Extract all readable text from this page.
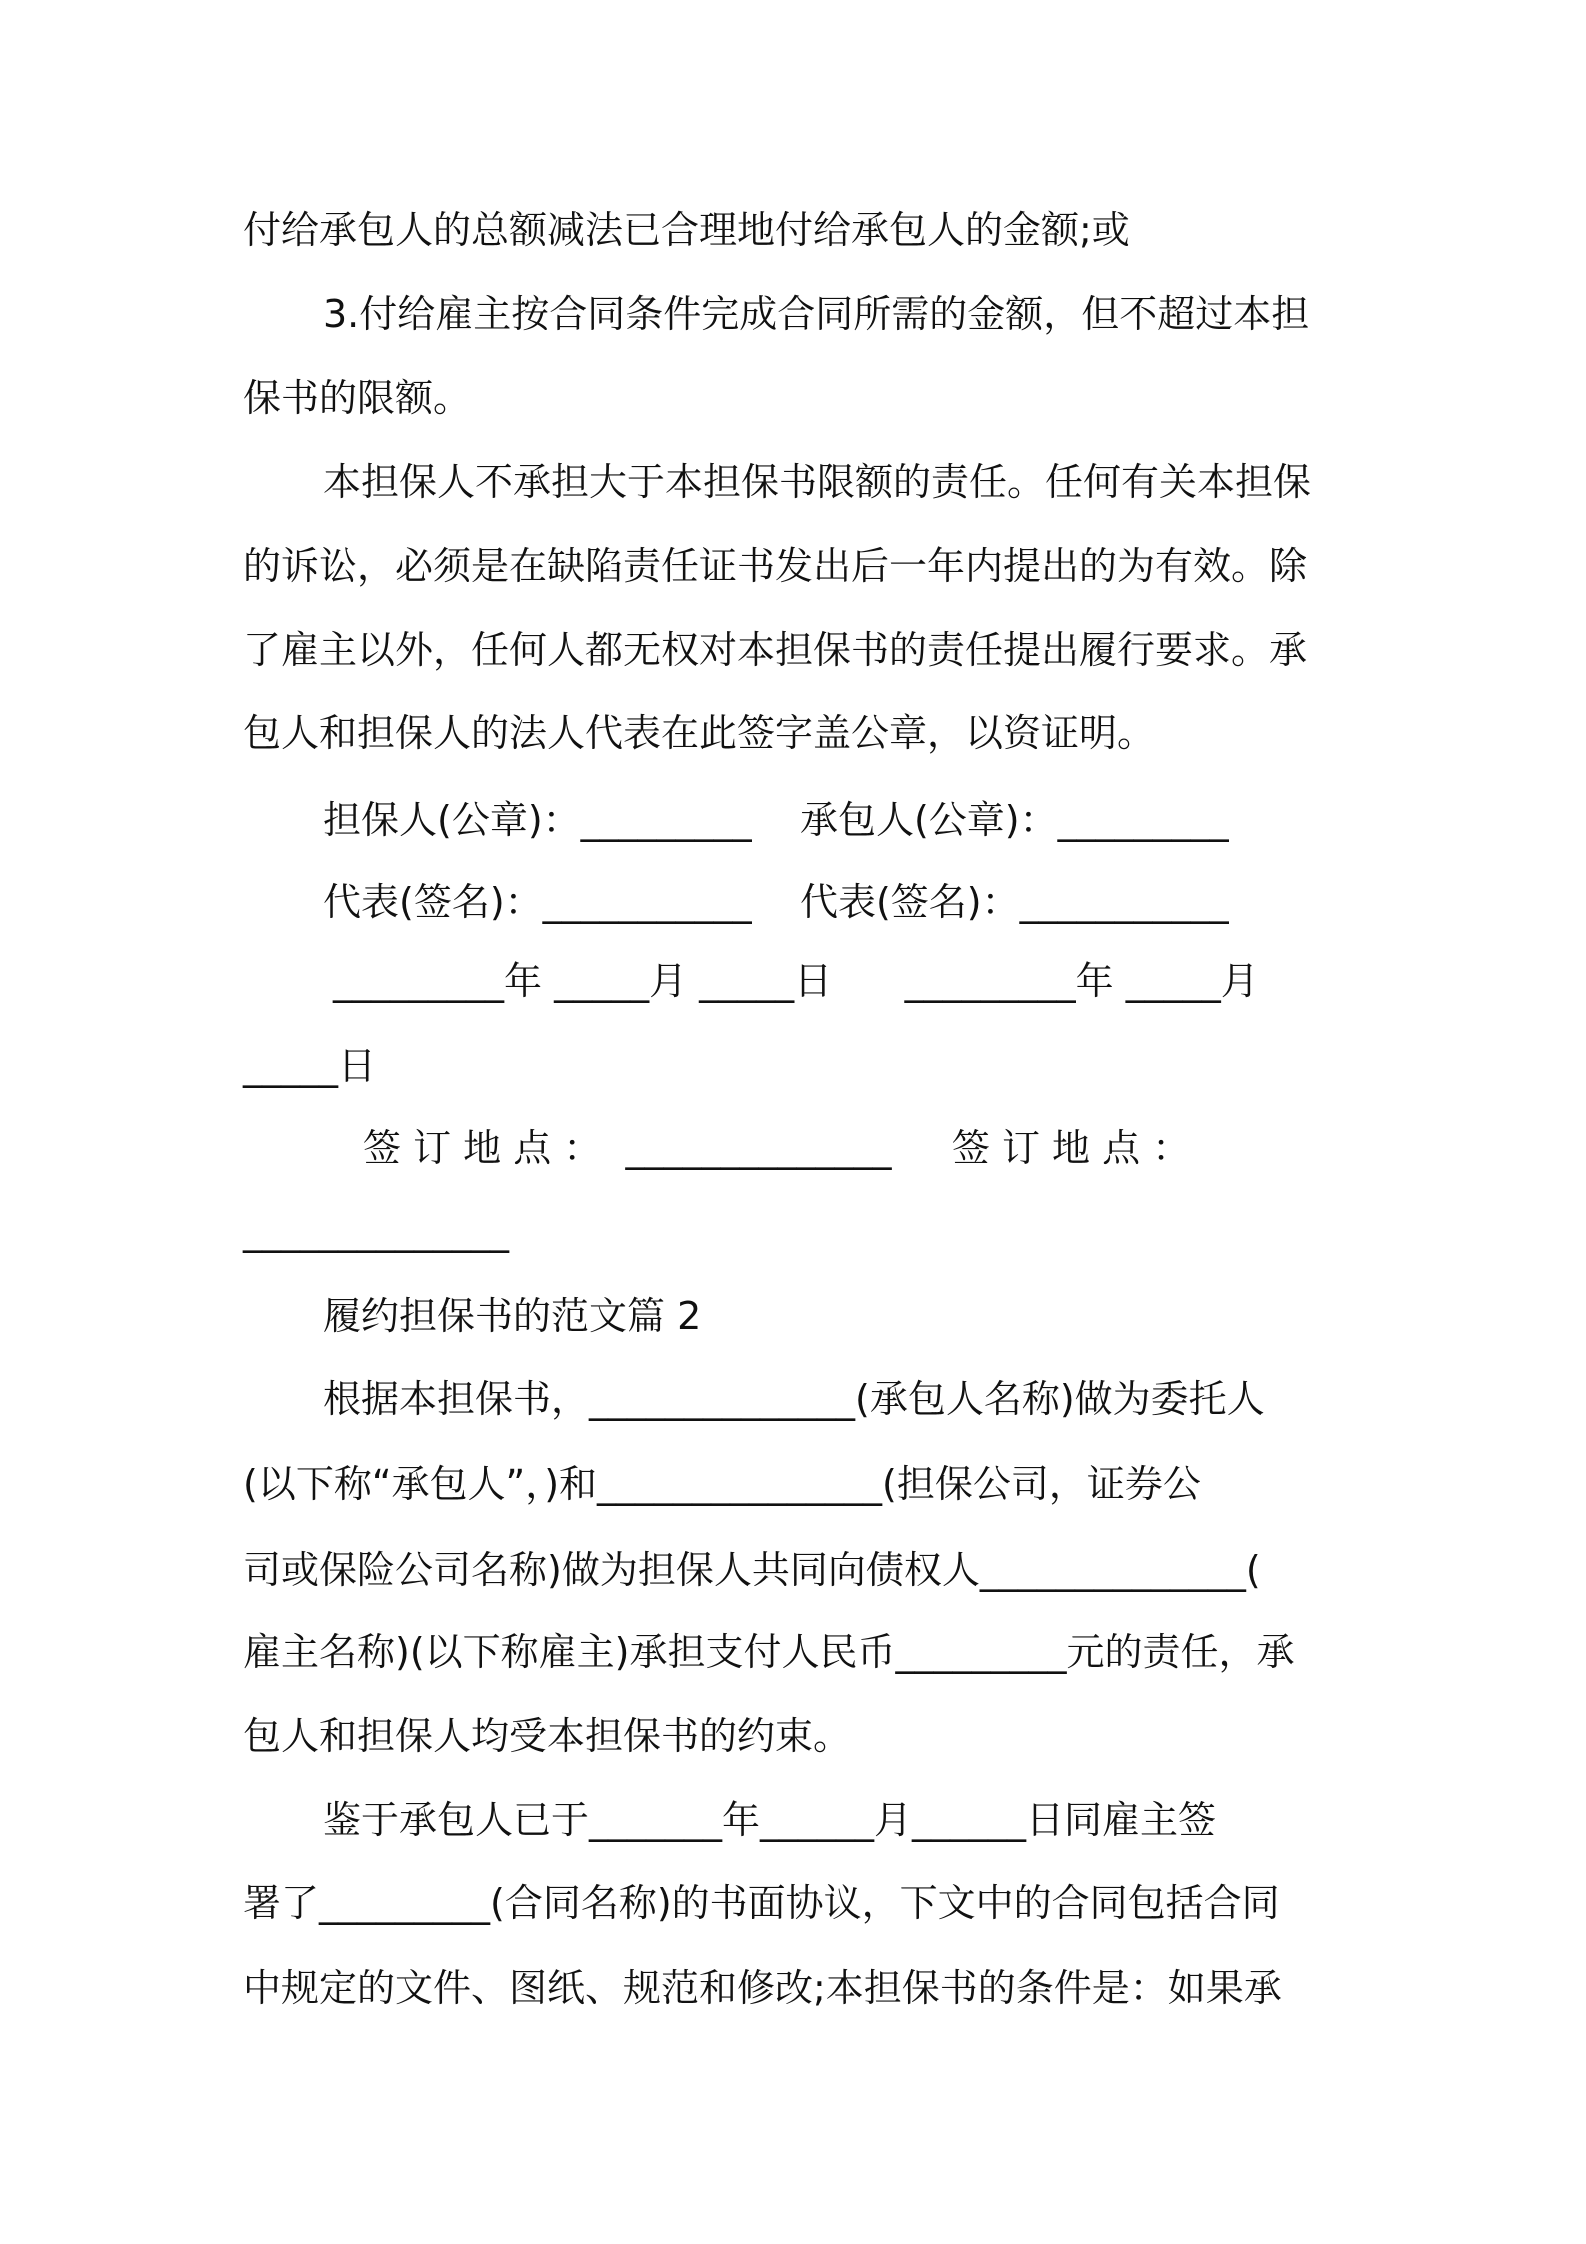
付给承包人的总额减法已合理地付给承包人的金额;或
3.付给雇主按合同条件完成合同所需的金额，但不超过本担
保书的限额。
本担保人不承担大于本担保书限额的责任。任何有关本担保
的诉讼，必须是在缺陷责任证书发出后一年内提出的为有效。除
了雇主以外，任何人都无权对本担保书的责任提出履行要求。承
包人和担保人的法人代表在此签字盖公章，以资证明。
担保人(公章)：_________    承包人(公章)：_________
代表(签名)：___________    代表(签名)：___________
_________年 _____月 _____日      _________年 _____月
_____日
签 订 地 点 ：  ______________     签 订 地 点 ：
______________
履约担保书的范文篇 2
根据本担保书，______________(承包人名称)做为委托人
(以下称“承包人”，)和_______________(担保公司，证券公
司或保险公司名称)做为担保人共同向债权人______________(
雇主名称)(以下称雇主)承担支付人民币_________元的责任，承
包人和担保人均受本担保书的约束。
鉴于承包人已于_______年______月______日同雇主签
署了_________(合同名称)的书面协议，下文中的合同包括合同
中规定的文件、图纸、规范和修改;本担保书的条件是：如果承
